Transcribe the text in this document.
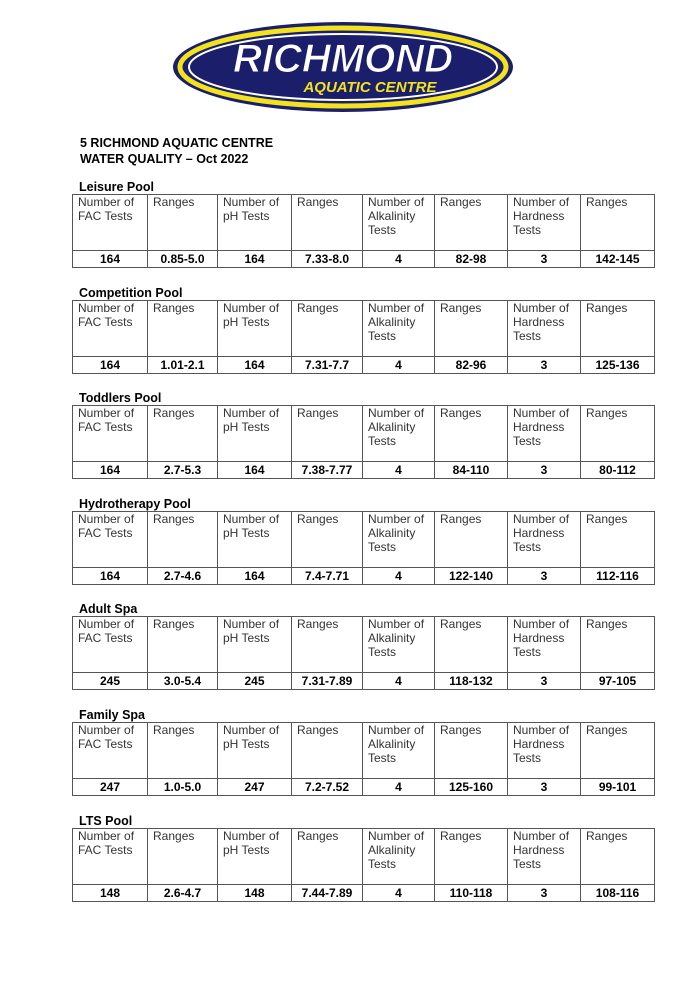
RICHMOND
AQUATIC CENTRE
5 RICHMOND AQUATIC CENTRE
WATER QUALITY – Oct 2022
Leisure Pool
Number of FAC Tests	Ranges	Number of pH Tests	Ranges	Number of Alkalinity Tests	Ranges	Number of Hardness Tests	Ranges
164	0.85-5.0	164	7.33-8.0	4	82-98	3	142-145
Competition Pool
Number of FAC Tests	Ranges	Number of pH Tests	Ranges	Number of Alkalinity Tests	Ranges	Number of Hardness Tests	Ranges
164	1.01-2.1	164	7.31-7.7	4	82-96	3	125-136
Toddlers Pool
Number of FAC Tests	Ranges	Number of pH Tests	Ranges	Number of Alkalinity Tests	Ranges	Number of Hardness Tests	Ranges
164	2.7-5.3	164	7.38-7.77	4	84-110	3	80-112
Hydrotherapy Pool
Number of FAC Tests	Ranges	Number of pH Tests	Ranges	Number of Alkalinity Tests	Ranges	Number of Hardness Tests	Ranges
164	2.7-4.6	164	7.4-7.71	4	122-140	3	112-116
Adult Spa
Number of FAC Tests	Ranges	Number of pH Tests	Ranges	Number of Alkalinity Tests	Ranges	Number of Hardness Tests	Ranges
245	3.0-5.4	245	7.31-7.89	4	118-132	3	97-105
Family Spa
Number of FAC Tests	Ranges	Number of pH Tests	Ranges	Number of Alkalinity Tests	Ranges	Number of Hardness Tests	Ranges
247	1.0-5.0	247	7.2-7.52	4	125-160	3	99-101
LTS Pool
Number of FAC Tests	Ranges	Number of pH Tests	Ranges	Number of Alkalinity Tests	Ranges	Number of Hardness Tests	Ranges
148	2.6-4.7	148	7.44-7.89	4	110-118	3	108-116
